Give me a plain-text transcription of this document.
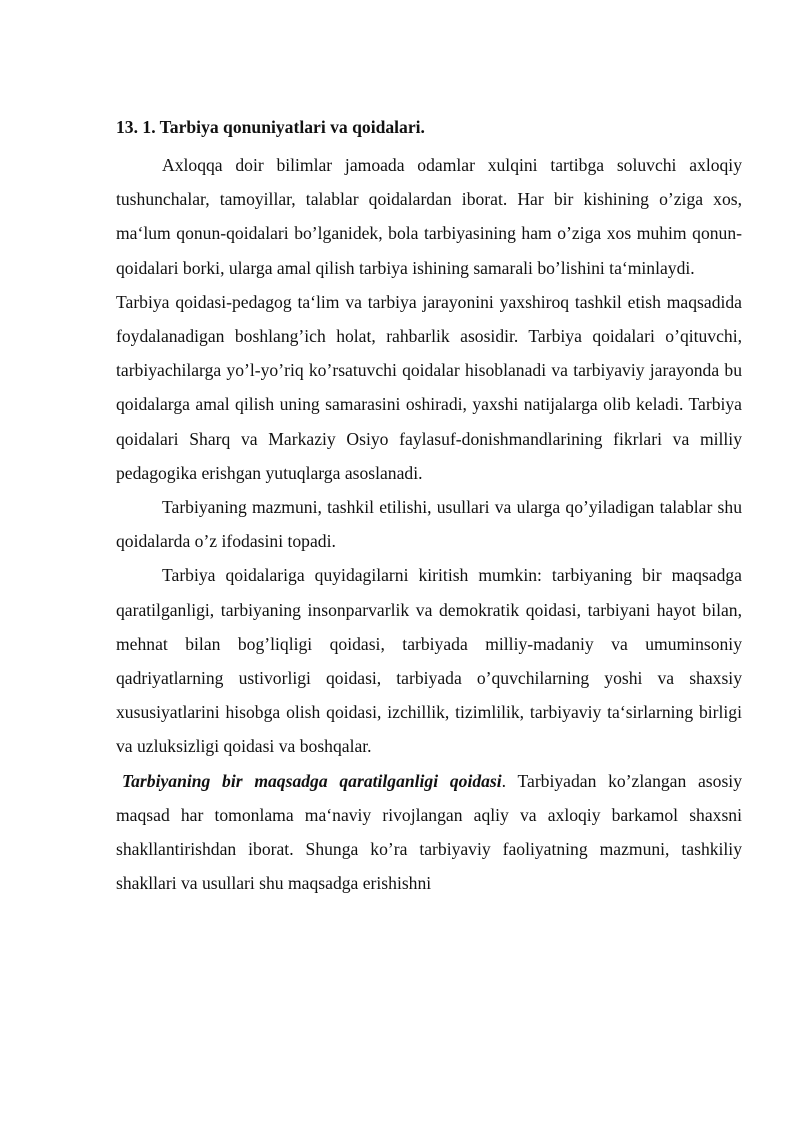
13. 1. Tarbiya qonuniyatlari va qoidalari.

Axloqqa doir bilimlar jamoada odamlar xulqini tartibga soluvchi axloqiy tushunchalar, tamoyillar, talablar qoidalardan iborat. Har bir kishining o’ziga xos, ma‘lum qonun-qoidalari bo’lganidek, bola tarbiyasining ham o’ziga xos muhim qonun-qoidalari borki, ularga amal qilish tarbiya ishining samarali bo’lishini ta‘minlaydi.

Tarbiya qoidasi-pedagog ta‘lim va tarbiya jarayonini yaxshiroq tashkil etish maqsadida foydalanadigan boshlang’ich holat, rahbarlik asosidir. Tarbiya qoidalari o’qituvchi, tarbiyachilarga yo’l-yo’riq ko’rsatuvchi qoidalar hisoblanadi va tarbiyaviy jarayonda bu qoidalarga amal qilish uning samarasini oshiradi, yaxshi natijalarga olib keladi. Tarbiya qoidalari Sharq va Markaziy Osiyo faylasuf-donishmandlarining fikrlari va milliy pedagogika erishgan yutuqlarga asoslanadi.

Tarbiyaning mazmuni, tashkil etilishi, usullari va ularga qo’yiladigan talablar shu qoidalarda o’z ifodasini topadi.

Tarbiya qoidalariga quyidagilarni kiritish mumkin: tarbiyaning bir maqsadga qaratilganligi, tarbiyaning insonparvarlik va demokratik qoidasi, tarbiyani hayot bilan, mehnat bilan bog’liqligi qoidasi, tarbiyada milliy-madaniy va umuminsoniy qadriyatlarning ustivorligi qoidasi, tarbiyada o’quvchilarning yoshi va shaxsiy xususiyatlarini hisobga olish qoidasi, izchillik, tizimlilik, tarbiyaviy ta‘sirlarning birligi va uzluksizligi qoidasi va boshqalar.

Tarbiyaning bir maqsadga qaratilganligi qoidasi. Tarbiyadan ko’zlangan asosiy maqsad har tomonlama ma‘naviy rivojlangan aqliy va axloqiy barkamol shaxsni shakllantirishdan iborat. Shunga ko’ra tarbiyaviy faoliyatning mazmuni, tashkiliy shakllari va usullari shu maqsadga erishishni
